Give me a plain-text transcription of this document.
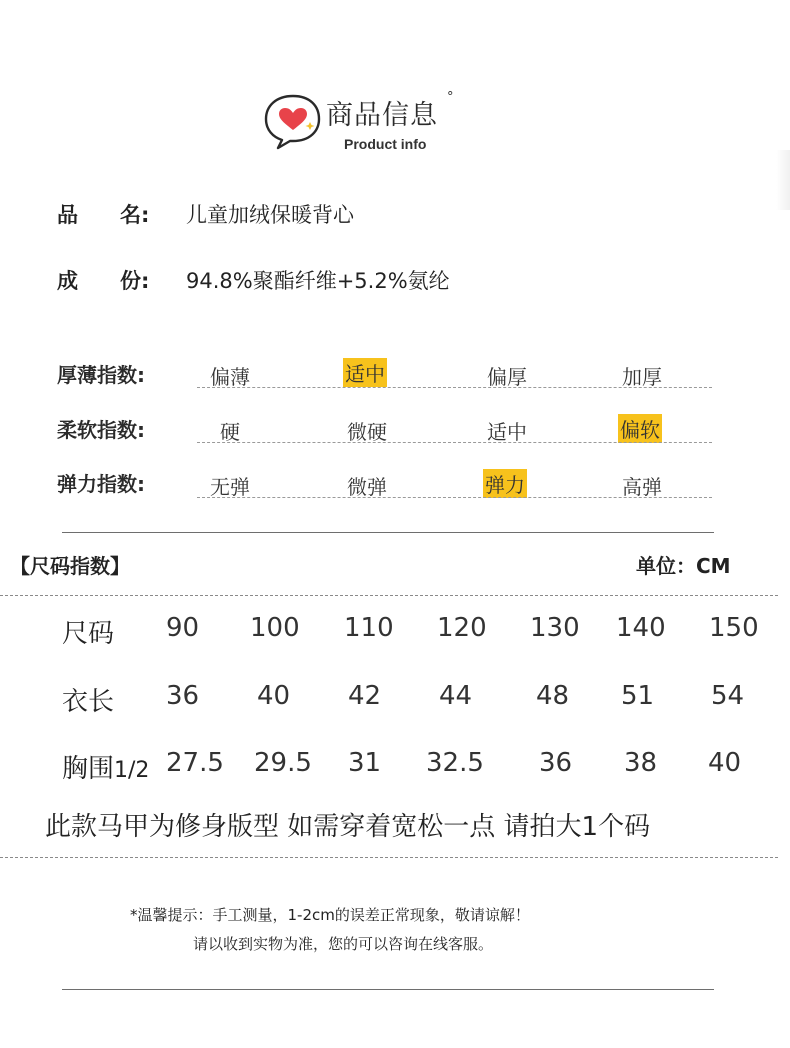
商品信息
°
Product info
品 名: 儿童加绒保暖背心
成 份: 94.8%聚酯纤维+5.2%氨纶
厚薄指数:	偏薄	适中	偏厚	加厚
柔软指数:	硬	微硬	适中	偏软
弹力指数:	无弹	微弹	弹力	高弹
【尺码指数】	单位：CM
尺码 90 100 110 120 130 140 150
衣长 36 40 42 44 48 51 54
胸围1/2 27.5 29.5 31 32.5 36 38 40
此款马甲为修身版型 如需穿着宽松一点 请拍大1个码
*温馨提示：手工测量，1-2cm的误差正常现象，敬请谅解！
请以收到实物为准，您的可以咨询在线客服。
